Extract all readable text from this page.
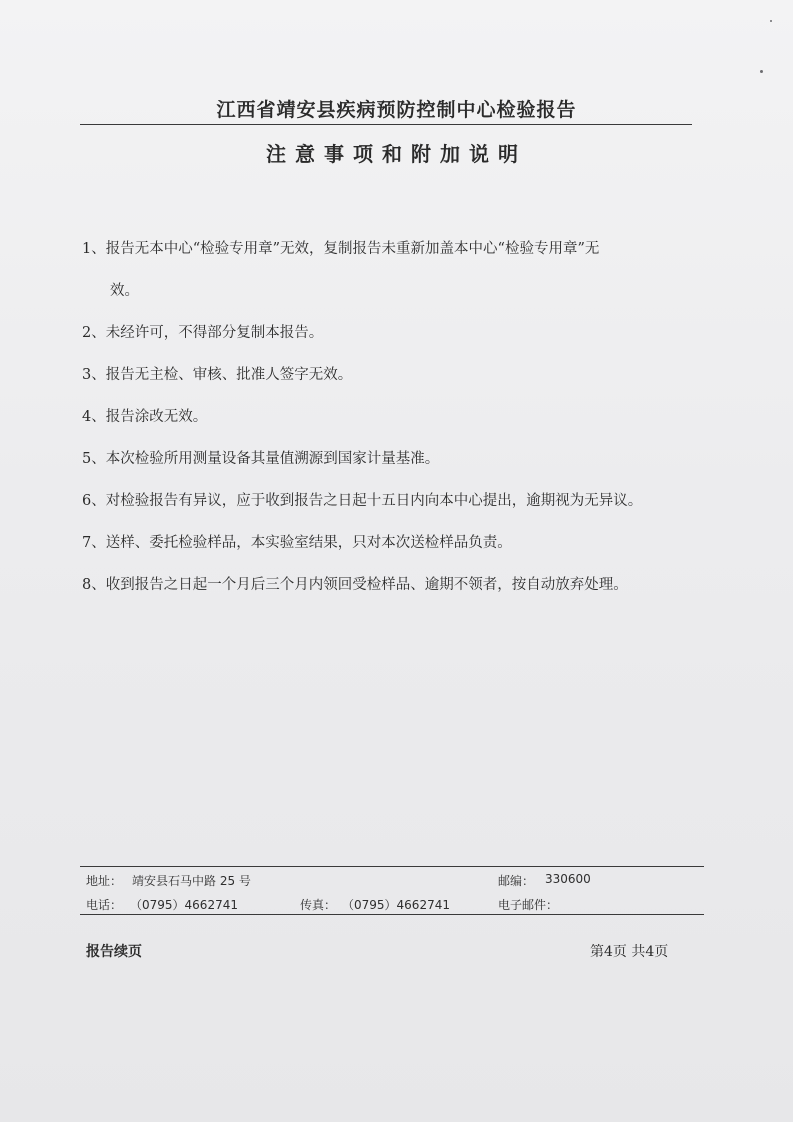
江西省靖安县疾病预防控制中心检验报告
注意事项和附加说明
1、报告无本中心“检验专用章”无效，复制报告未重新加盖本中心“检验专用章”无
效。
2、未经许可，不得部分复制本报告。
3、报告无主检、审核、批准人签字无效。
4、报告涂改无效。
5、本次检验所用测量设备其量值溯源到国家计量基准。
6、对检验报告有异议，应于收到报告之日起十五日内向本中心提出，逾期视为无异议。
7、送样、委托检验样品，本实验室结果，只对本次送检样品负责。
8、收到报告之日起一个月后三个月内领回受检样品、逾期不领者，按自动放弃处理。
地址： 靖安县石马中路 25 号	邮编： 330600
电话： （0795）4662741	传真： （0795）4662741	电子邮件：
报告续页	第4页 共4页
